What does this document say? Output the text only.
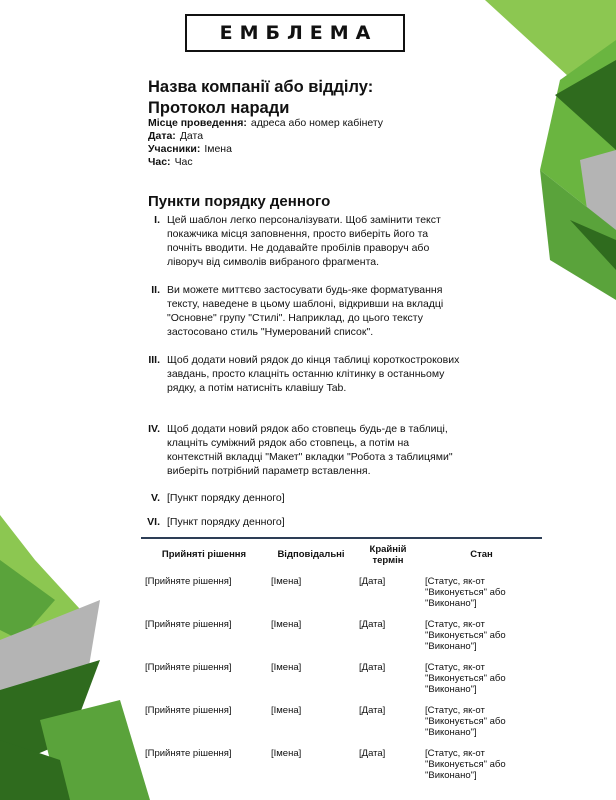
ЕМБЛЕМА
Назва компанії або відділу:
Протокол наради
Місце проведення: адреса або номер кабінету
Дата: Дата
Учасники: Імена
Час: Час
Пункти порядку денного
I. Цей шаблон легко персоналізувати. Щоб замінити текст покажчика місця заповнення, просто виберіть його та почніть вводити. Не додавайте пробілів праворуч або ліворуч від символів вибраного фрагмента.
II. Ви можете миттєво застосувати будь-яке форматування тексту, наведене в цьому шаблоні, відкривши на вкладці "Основне" групу "Стилі". Наприклад, до цього тексту застосовано стиль "Нумерований список".
III. Щоб додати новий рядок до кінця таблиці короткострокових завдань, просто клацніть останню клітинку в останньому рядку, а потім натисніть клавішу Tab.
IV. Щоб додати новий рядок або стовпець будь-де в таблиці, клацніть суміжний рядок або стовпець, а потім на контекстній вкладці "Макет" вкладки "Робота з таблицями" виберіть потрібний параметр вставлення.
V. [Пункт порядку денного]
VI. [Пункт порядку денного]
Прийняті рішення	Відповідальні	Крайній термін	Стан
[Прийняте рішення]	[Імена]	[Дата]	[Статус, як-от "Виконується" або "Виконано"]
[Прийняте рішення]	[Імена]	[Дата]	[Статус, як-от "Виконується" або "Виконано"]
[Прийняте рішення]	[Імена]	[Дата]	[Статус, як-от "Виконується" або "Виконано"]
[Прийняте рішення]	[Імена]	[Дата]	[Статус, як-от "Виконується" або "Виконано"]
[Прийняте рішення]	[Імена]	[Дата]	[Статус, як-от "Виконується" або "Виконано"]
